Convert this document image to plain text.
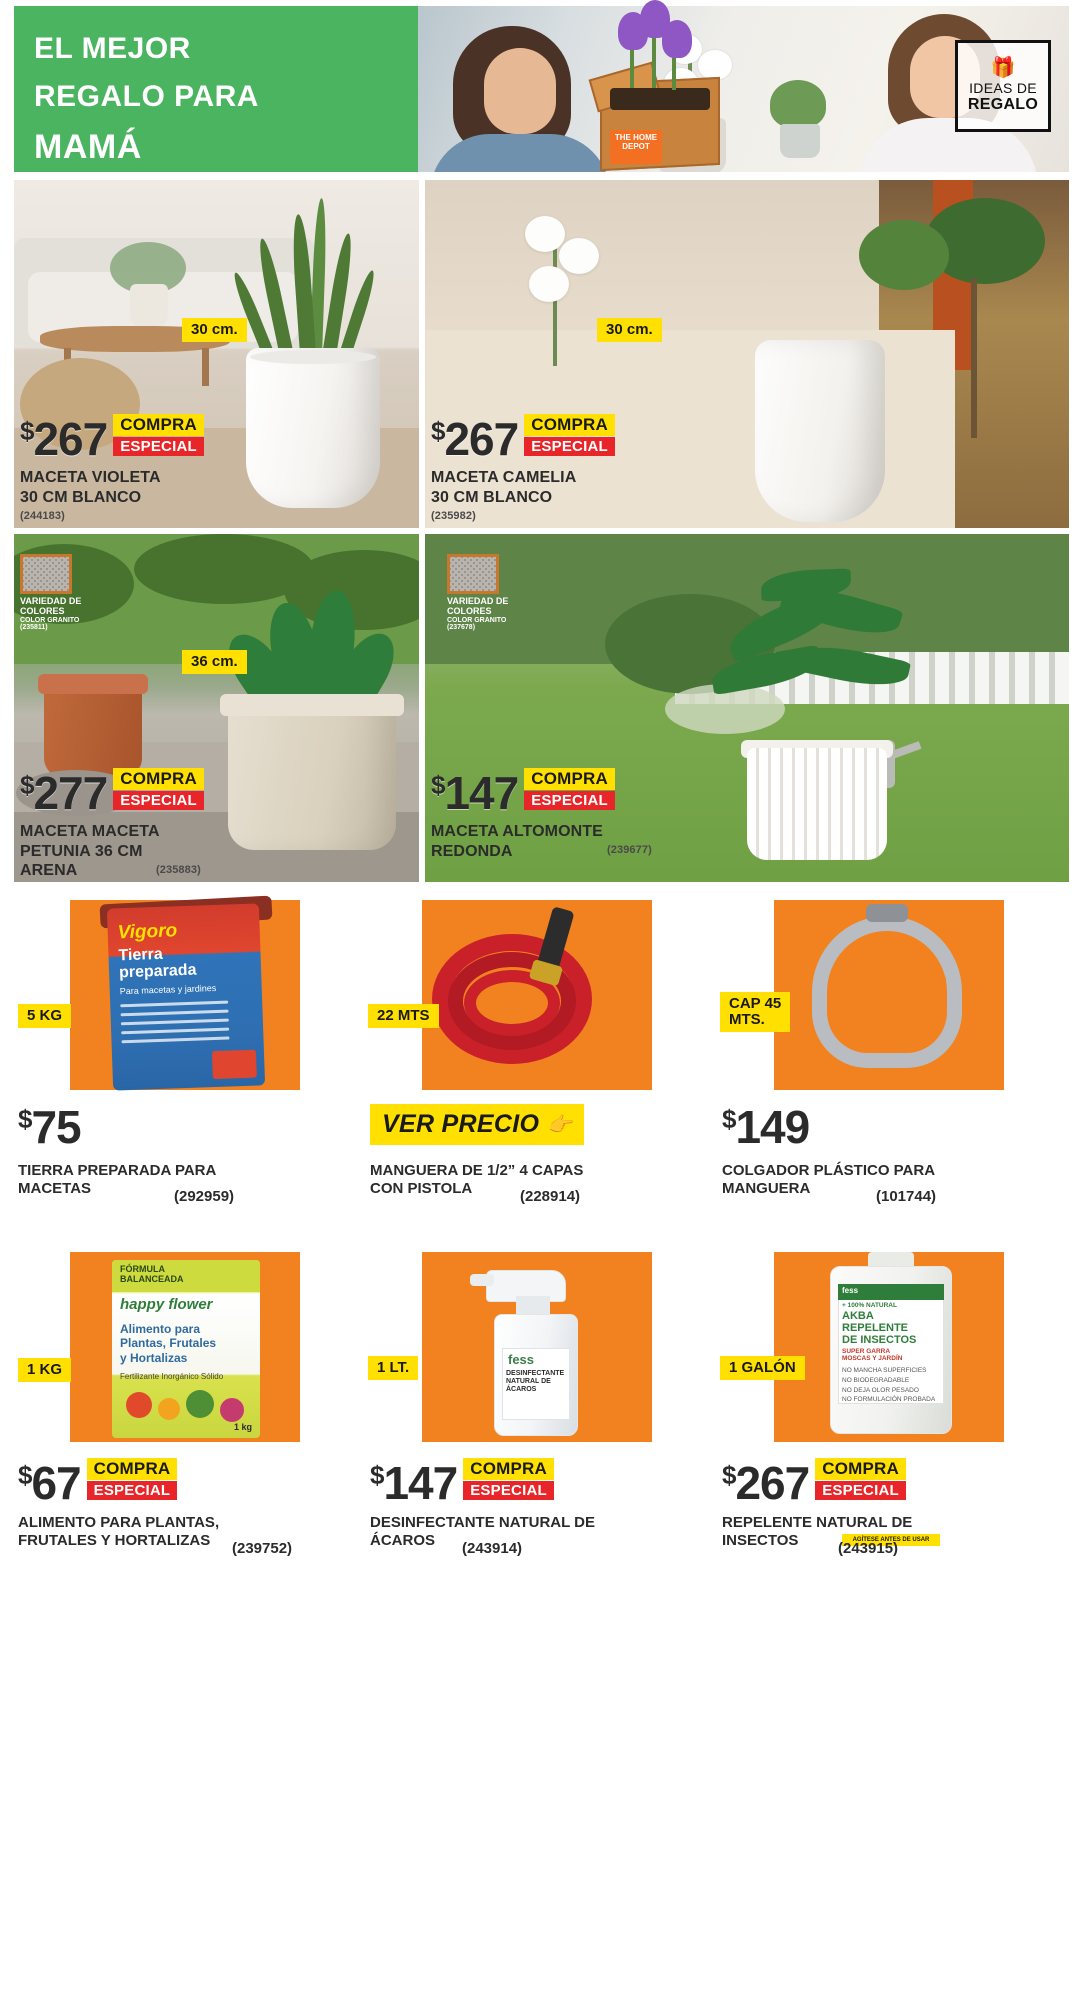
🎁
IDEAS DE
REGALO
EL MEJOR
REGALO PARA
MAMÁ	THE HOME DEPOT
30 cm.
$267 COMPRA
ESPECIAL
MACETA VIOLETA
30 CM BLANCO
(244183)
30 cm.
$267 COMPRA
ESPECIAL
MACETA CAMELIA
30 CM BLANCO
(235982)
VARIEDAD DE
COLORES
COLOR GRANITO
(235811)
36 cm.
$277 COMPRA
ESPECIAL
MACETA MACETA
PETUNIA 36 CM
ARENA	(235883)
VARIEDAD DE
COLORES
COLOR GRANITO
(237678)
$147 COMPRA
ESPECIAL
MACETA ALTOMONTE
REDONDA	(239677)
Vigoro
Tierra
preparada
Para macetas y jardines
5 KG
$75
TIERRA PREPARADA PARA
MACETAS	(292959)
22 MTS
VER PRECIO 👉
MANGUERA DE 1/2” 4 CAPAS
CON PISTOLA	(228914)
CAP 45
MTS.
$149
COLGADOR PLÁSTICO PARA
MANGUERA	(101744)
FÓRMULA
BALANCEADA
happy flower
Alimento para
Plantas, Frutales
y Hortalizas
Fertilizante Inorgánico Sólido
1 kg
1 KG
$67 COMPRA
ESPECIAL
ALIMENTO PARA PLANTAS,
FRUTALES Y HORTALIZAS	(239752)
fess
DESINFECTANTE
NATURAL DE
ÁCAROS
1 LT.
$147 COMPRA
ESPECIAL
DESINFECTANTE NATURAL DE
ÁCAROS	(243914)
fess
+ 100% NATURAL
AKBA
REPELENTE
DE INSECTOS
SUPER GARRA
MOSCAS Y JARDÍN
NO MANCHA SUPERFICIES
NO BIODEGRADABLE
NO DEJA OLOR PESADO
NO FORMULACIÓN PROBADA
AGÍTESE ANTES DE USAR
1 GALÓN
$267 COMPRA
ESPECIAL
REPELENTE NATURAL DE
INSECTOS	(243915)
